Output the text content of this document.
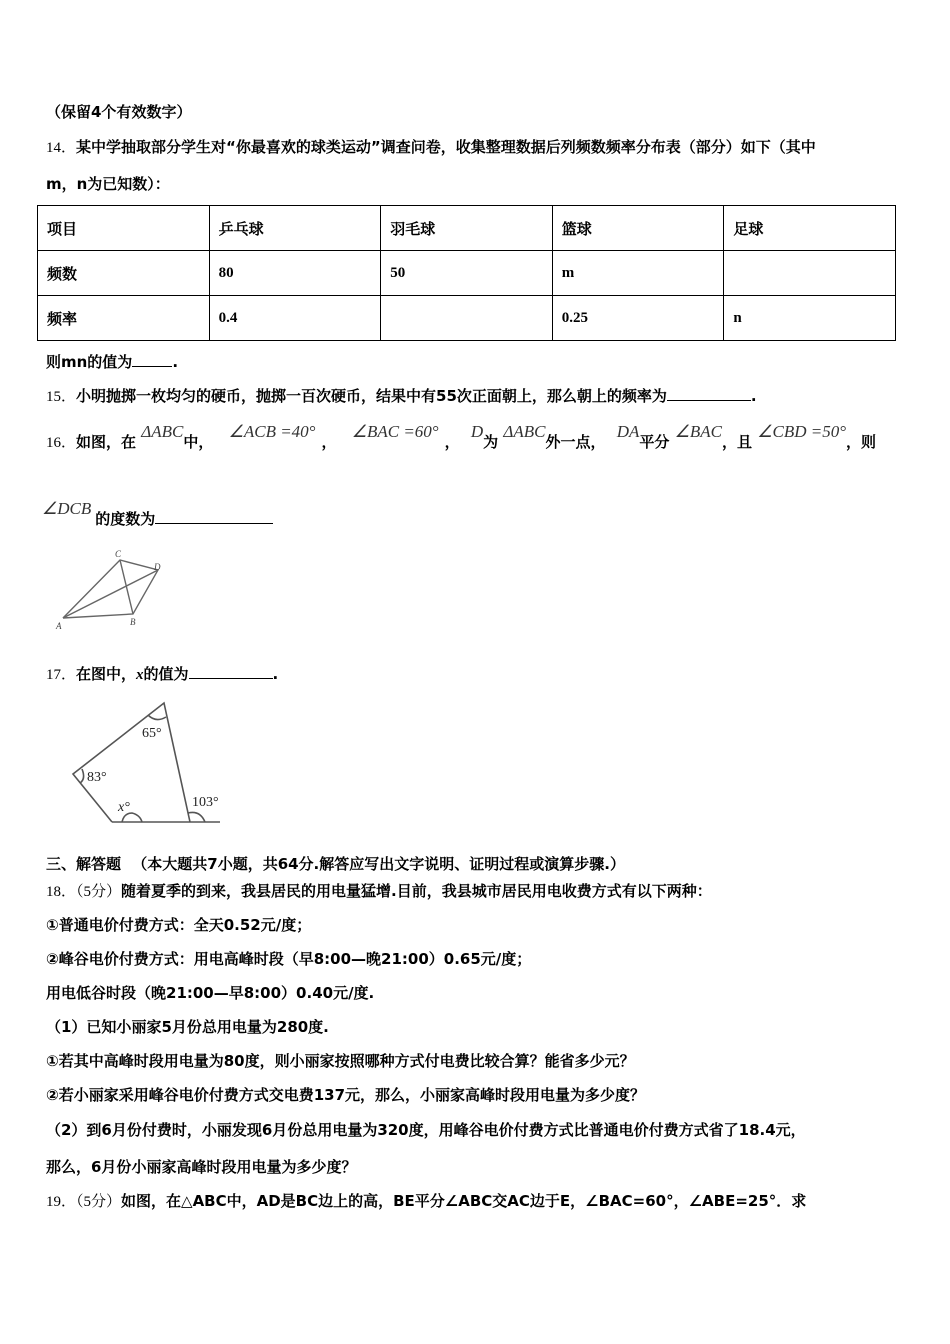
（保留4个有效数字）
14．某中学抽取部分学生对“你最喜欢的球类运动”调查问卷，收集整理数据后列频数频率分布表（部分）如下（其中
m，n为已知数）：
项目	乒乓球	羽毛球	篮球	足球
频数	80	50	m	
频率	0.4		0.25	n
则mn的值为	.
15．小明抛掷一枚均匀的硬币，抛掷一百次硬币，结果中有55次正面朝上，那么朝上的频率为	.
16．如图，在 ΔABC中， ∠ACB =40°， ∠BAC =60°， D为 ΔABC外一点， DA平分 ∠BAC，且 ∠CBD =50°，则
∠DCB的度数为
A	B
C
D
17．在图中，x的值为	.
65°
83°
x°	103°
三、解答题 （本大题共7小题，共64分.解答应写出文字说明、证明过程或演算步骤.）
18．（5分）随着夏季的到来，我县居民的用电量猛增.目前，我县城市居民用电收费方式有以下两种：
①普通电价付费方式：全天0.52元/度；
②峰谷电价付费方式：用电高峰时段（早8:00—晚21:00）0.65元/度；
用电低谷时段（晚21:00—早8:00）0.40元/度.
（1）已知小丽家5月份总用电量为280度.
①若其中高峰时段用电量为80度，则小丽家按照哪种方式付电费比较合算？能省多少元？
②若小丽家采用峰谷电价付费方式交电费137元，那么，小丽家高峰时段用电量为多少度？
（2）到6月份付费时，小丽发现6月份总用电量为320度，用峰谷电价付费方式比普通电价付费方式省了18.4元，
那么，6月份小丽家高峰时段用电量为多少度？
19．（5分）如图，在△ABC中，AD是BC边上的高，BE平分∠ABC交AC边于E，∠BAC=60°，∠ABE=25°．求
